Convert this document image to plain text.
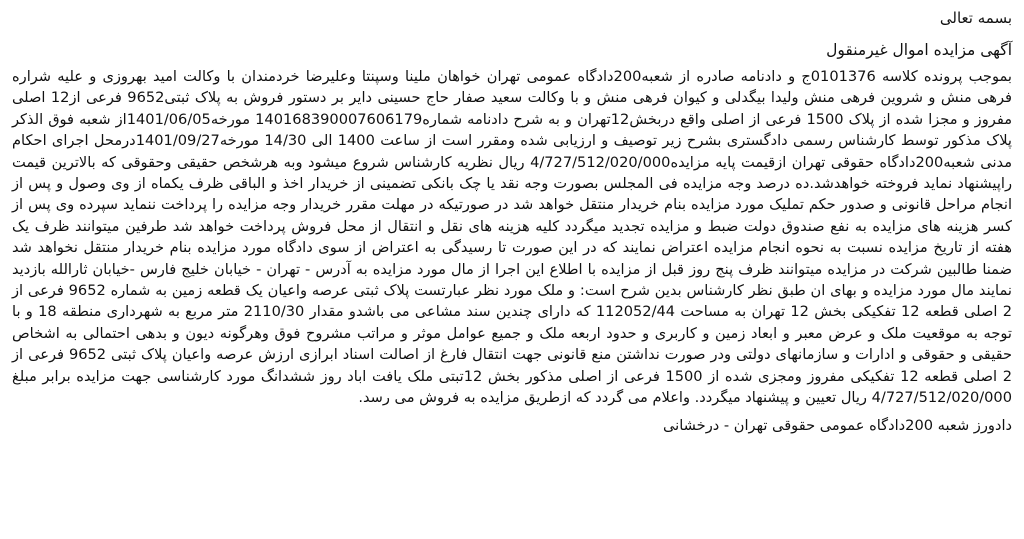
بسمه تعالی
آگهی مزایده اموال غیرمنقول

بموجب پرونده کلاسه 0101376ج و دادنامه صادره از شعبه200دادگاه عمومی تهران خواهان ملینا وسپنتا وعلیرضا خردمندان با وکالت امید بهروزی و علیه شراره فرهی منش و شروین فرهی منش ولیدا بیگدلی و کیوان فرهی منش و با وکالت سعید صفار حاج حسینی دایر بر دستور فروش به پلاک ثبتی9652 فرعی از12 اصلی مفروز و مجزا شده از پلاک 1500 فرعی از اصلی واقع دربخش12تهران و به شرح دادنامه شماره140168390007606179 مورخه1401/06/05از شعبه فوق الذکر پلاک مذکور توسط کارشناس رسمی دادگستری بشرح زیر توصیف و ارزیابی شده ومقرر است از ساعت 1400 الی 14/30 مورخه1401/09/27درمحل اجرای احکام مدنی شعبه200دادگاه حقوقی تهران ازقیمت پایه مزایده4/727/512/020/000 ریال نظریه کارشناس شروع میشود وبه هرشخص حقیقی وحقوقی که بالاترین قیمت راپیشنهاد نماید فروخته خواهدشد.ده درصد وجه مزایده فی المجلس بصورت وجه نقد یا چک بانکی تضمینی از خریدار اخذ و الباقی ظرف یکماه از وی وصول و پس از انجام مراحل قانونی و صدور حکم تملیک مورد مزایده بنام خریدار منتقل خواهد شد در صورتیکه در مهلت مقرر خریدار وجه مزایده را پرداخت ننماید سپرده وی پس از کسر هزینه های مزایده به نفع صندوق دولت ضبط و مزایده تجدید میگردد کلیه هزینه های نقل و انتقال از محل فروش پرداخت خواهد شد طرفین میتوانند ظرف یک هفته از تاریخ مزایده نسبت به نحوه انجام مزایده اعتراض نمایند که در این صورت تا رسیدگی به اعتراض از سوی دادگاه مورد مزایده بنام خریدار منتقل نخواهد شد ضمنا طالبین شرکت در مزایده میتوانند ظرف پنج روز قبل از مزایده با اطلاع این اجرا از مال مورد مزایده به آدرس - تهران - خیابان خلیج فارس -خیابان ثارالله بازدید نمایند مال مورد مزایده و بهای ان طبق نظر کارشناس بدین شرح است: و ملک مورد نظر عبارتست پلاک ثبتی عرصه واعیان یک قطعه زمین به شماره 9652 فرعی از 2 اصلی قطعه 12 تفکیکی بخش 12 تهران به مساحت 112052/44 که دارای چندین سند مشاعی می باشدو مقدار 2110/30 متر مربع به شهرداری منطقه 18 و با توجه به موقعیت ملک و عرض معبر و ابعاد زمین و کاربری و حدود اربعه ملک و جمیع عوامل موثر و مراتب مشروح فوق وهرگونه دیون و بدهی احتمالی به اشخاص حقیقی و حقوقی و ادارات و سازمانهای دولتی ودر صورت نداشتن منع قانونی جهت انتقال فارغ از اصالت اسناد ابرازی ارزش عرصه واعیان پلاک ثبتی 9652 فرعی از 2 اصلی قطعه 12 تفکیکی مفروز ومجزی شده از 1500 فرعی از اصلی مذکور بخش 12تبتی ملک یافت اباد روز ششدانگ مورد کارشناسی جهت مزایده برابر مبلغ 4/727/512/020/000 ریال تعیین و پیشنهاد میگردد. واعلام می گردد که ازطریق مزایده به فروش می رسد.

دادورز شعبه 200دادگاه عمومی حقوقی تهران - درخشانی
